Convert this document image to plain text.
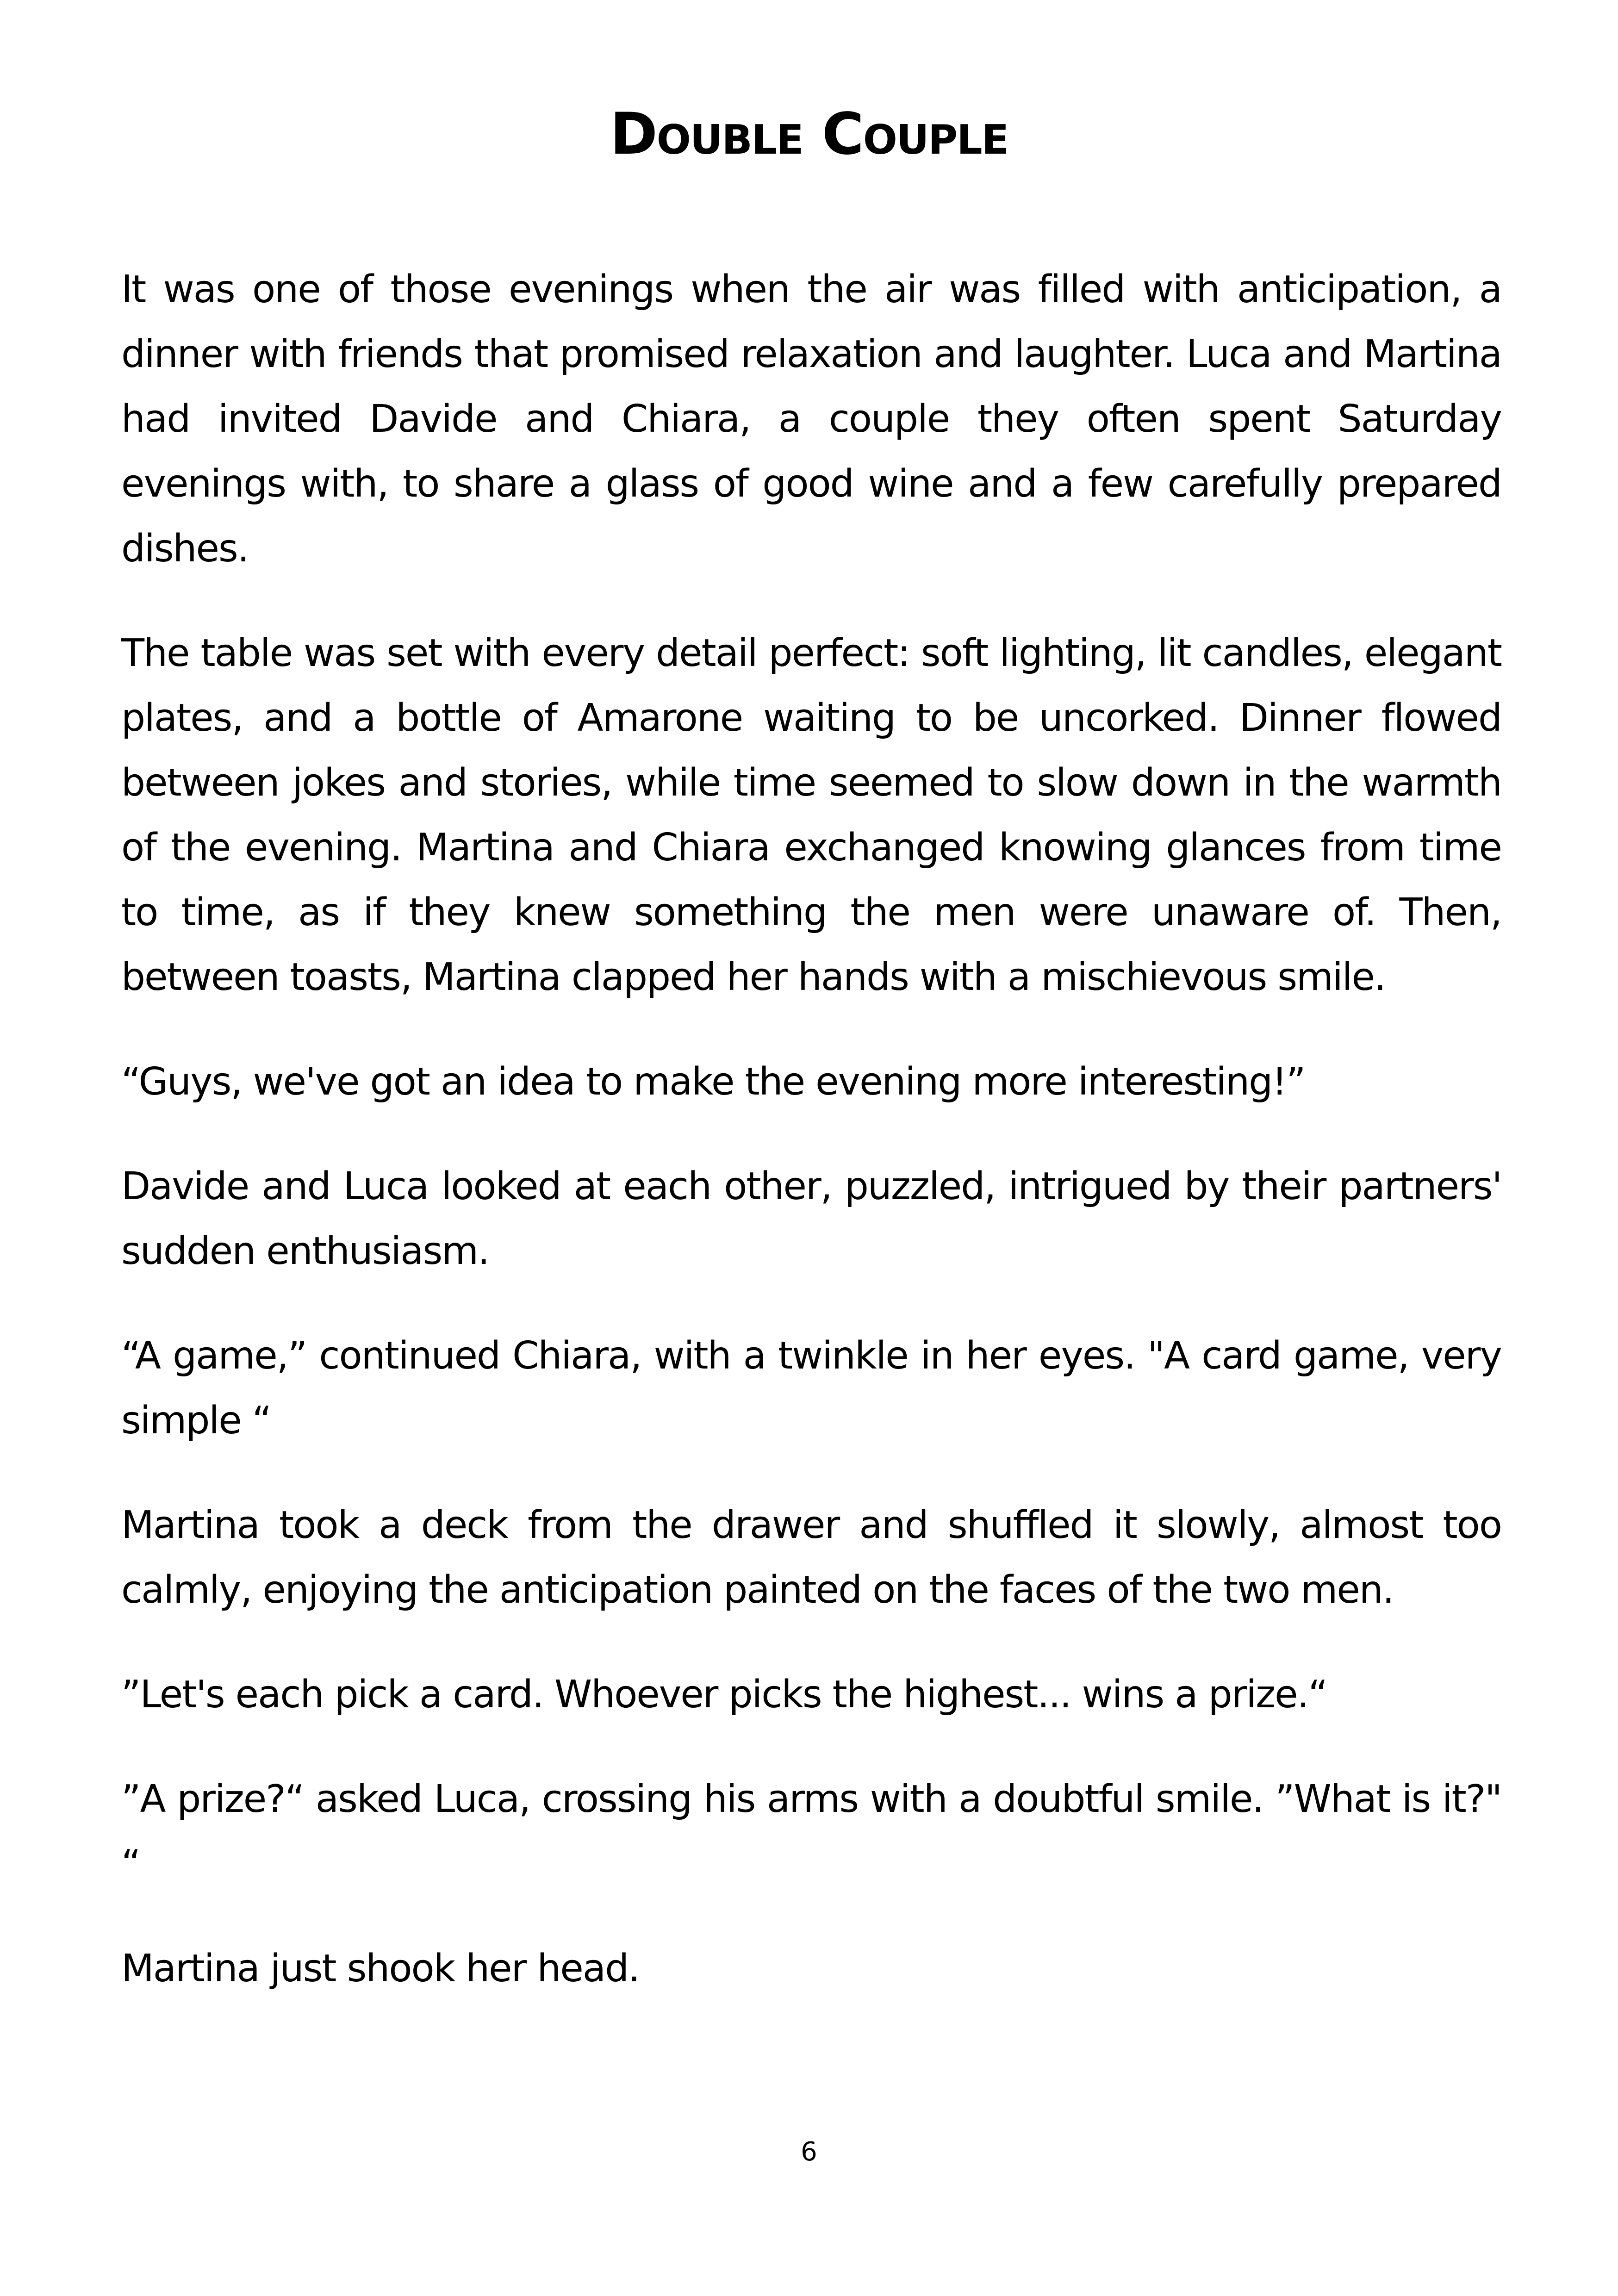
Double Couple

It was one of those evenings when the air was filled with anticipation, a dinner with friends that promised relaxation and laughter. Luca and Martina had invited Davide and Chiara, a couple they often spent Saturday evenings with, to share a glass of good wine and a few carefully prepared dishes.

The table was set with every detail perfect: soft lighting, lit candles, elegant plates, and a bottle of Amarone waiting to be uncorked. Dinner flowed between jokes and stories, while time seemed to slow down in the warmth of the evening. Martina and Chiara exchanged knowing glances from time to time, as if they knew something the men were unaware of. Then, between toasts, Martina clapped her hands with a mischievous smile.

“Guys, we've got an idea to make the evening more interesting!”

Davide and Luca looked at each other, puzzled, intrigued by their partners' sudden enthusiasm.

“A game,” continued Chiara, with a twinkle in her eyes. "A card game, very simple “

Martina took a deck from the drawer and shuffled it slowly, almost too calmly, enjoying the anticipation painted on the faces of the two men.

”Let's each pick a card. Whoever picks the highest... wins a prize.“

”A prize?“ asked Luca, crossing his arms with a doubtful smile. ”What is it?" “

Martina just shook her head.

6
